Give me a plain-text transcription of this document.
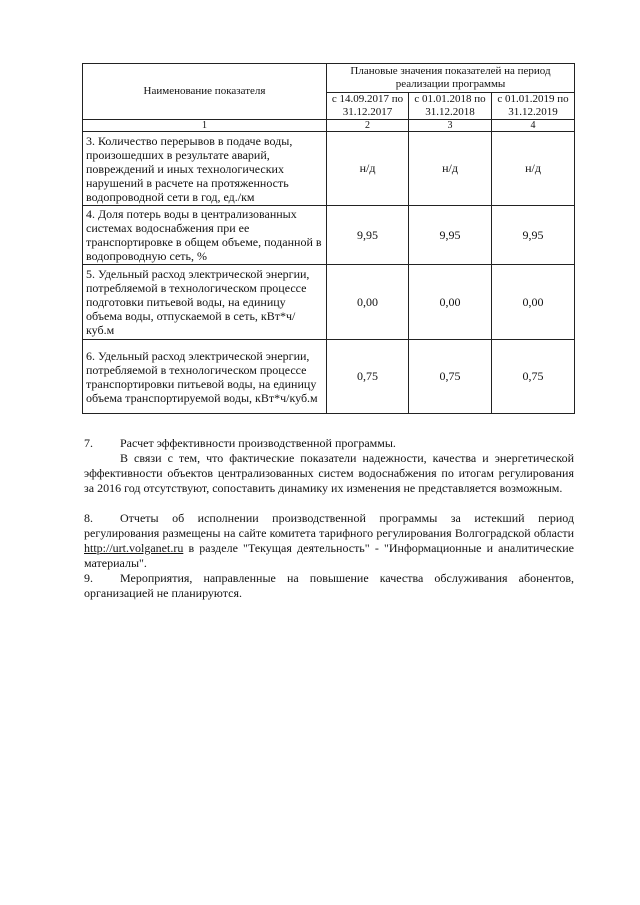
Наименование показателя	Плановые значения показателей на период реализации программы		
	с 14.09.2017 по 31.12.2017	с 01.01.2018 по 31.12.2018	с 01.01.2019 по 31.12.2019
1	2	3	4
3. Количество перерывов в подаче воды, произошедших в результате аварий, повреждений и иных технологических нарушений в расчете на протяженность водопроводной сети в год, ед./км	н/д	н/д	н/д
4. Доля потерь воды в централизованных системах водоснабжения при ее транспортировке в общем объеме, поданной в водопроводную сеть, %	9,95	9,95	9,95
5. Удельный расход электрической энергии, потребляемой в технологическом процессе подготовки питьевой воды, на единицу объема воды, отпускаемой в сеть, кВт*ч/куб.м	0,00	0,00	0,00
6. Удельный расход электрической энергии, потребляемой в технологическом процессе транспортировки питьевой воды, на единицу объема транспортируемой воды, кВт*ч/куб.м	0,75	0,75	0,75

7. Расчет эффективности производственной программы.

В связи с тем, что фактические показатели надежности, качества и энергетической эффективности объектов централизованных систем водоснабжения по итогам регулирования за 2016 год отсутствуют, сопоставить динамику их изменения не представляется возможным.

8. Отчеты об исполнении производственной программы за истекший период регулирования размещены на сайте комитета тарифного регулирования Волгоградской области http://urt.volganet.ru в разделе "Текущая деятельность" - "Информационные и аналитические материалы".

9. Мероприятия, направленные на повышение качества обслуживания абонентов, организацией не планируются.
